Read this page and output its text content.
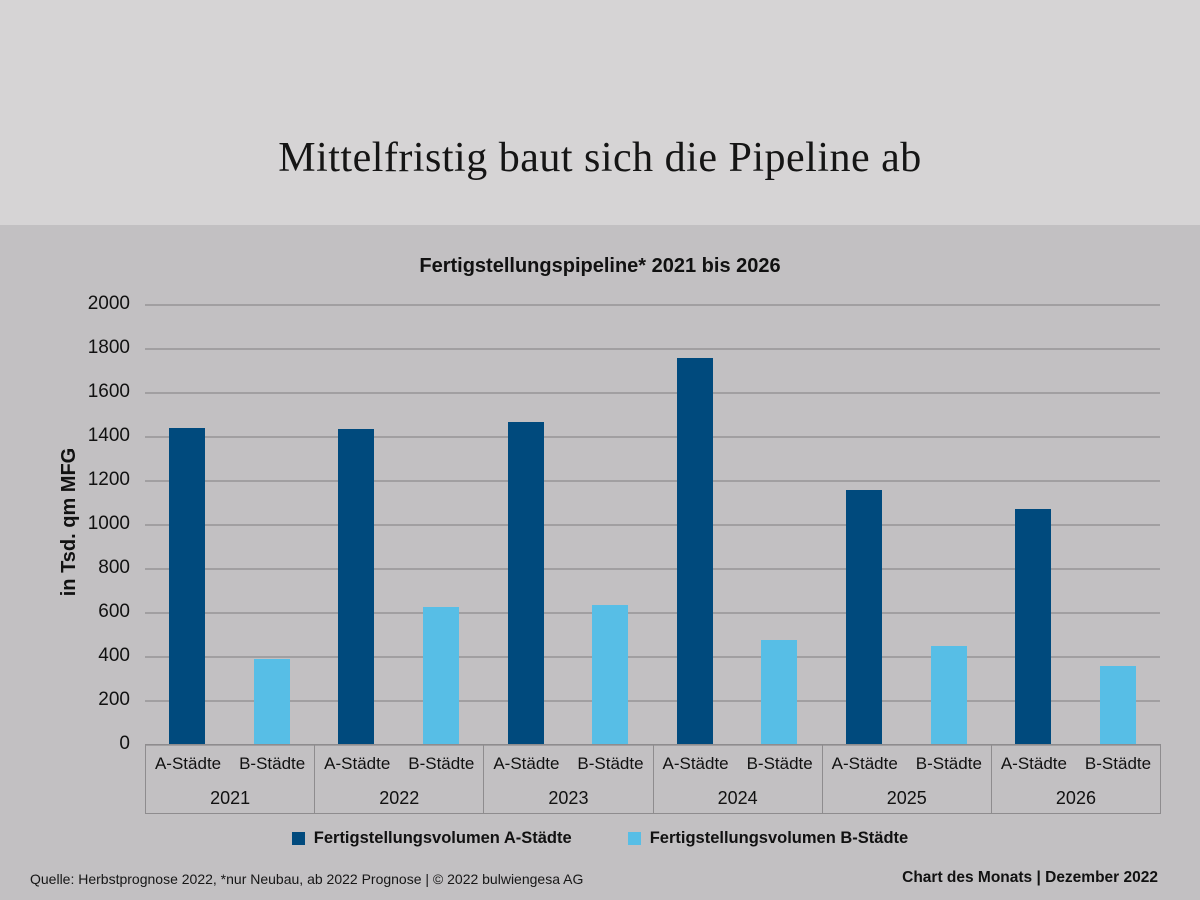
Mittelfristig baut sich die Pipeline ab
Fertigstellungspipeline* 2021 bis 2026
in Tsd. qm MFG
2000
1800
1600
1400
1200
1000
800
600
400
200
0
A-Städte	B-Städte
2021
A-Städte	B-Städte
2022
A-Städte	B-Städte
2023
A-Städte	B-Städte
2024
A-Städte	B-Städte
2025
A-Städte	B-Städte
2026
Fertigstellungsvolumen A-Städte	Fertigstellungsvolumen B-Städte
Quelle: Herbstprognose 2022, *nur Neubau, ab 2022 Prognose | © 2022 bulwiengesa AG	Chart des Monats | Dezember 2022
